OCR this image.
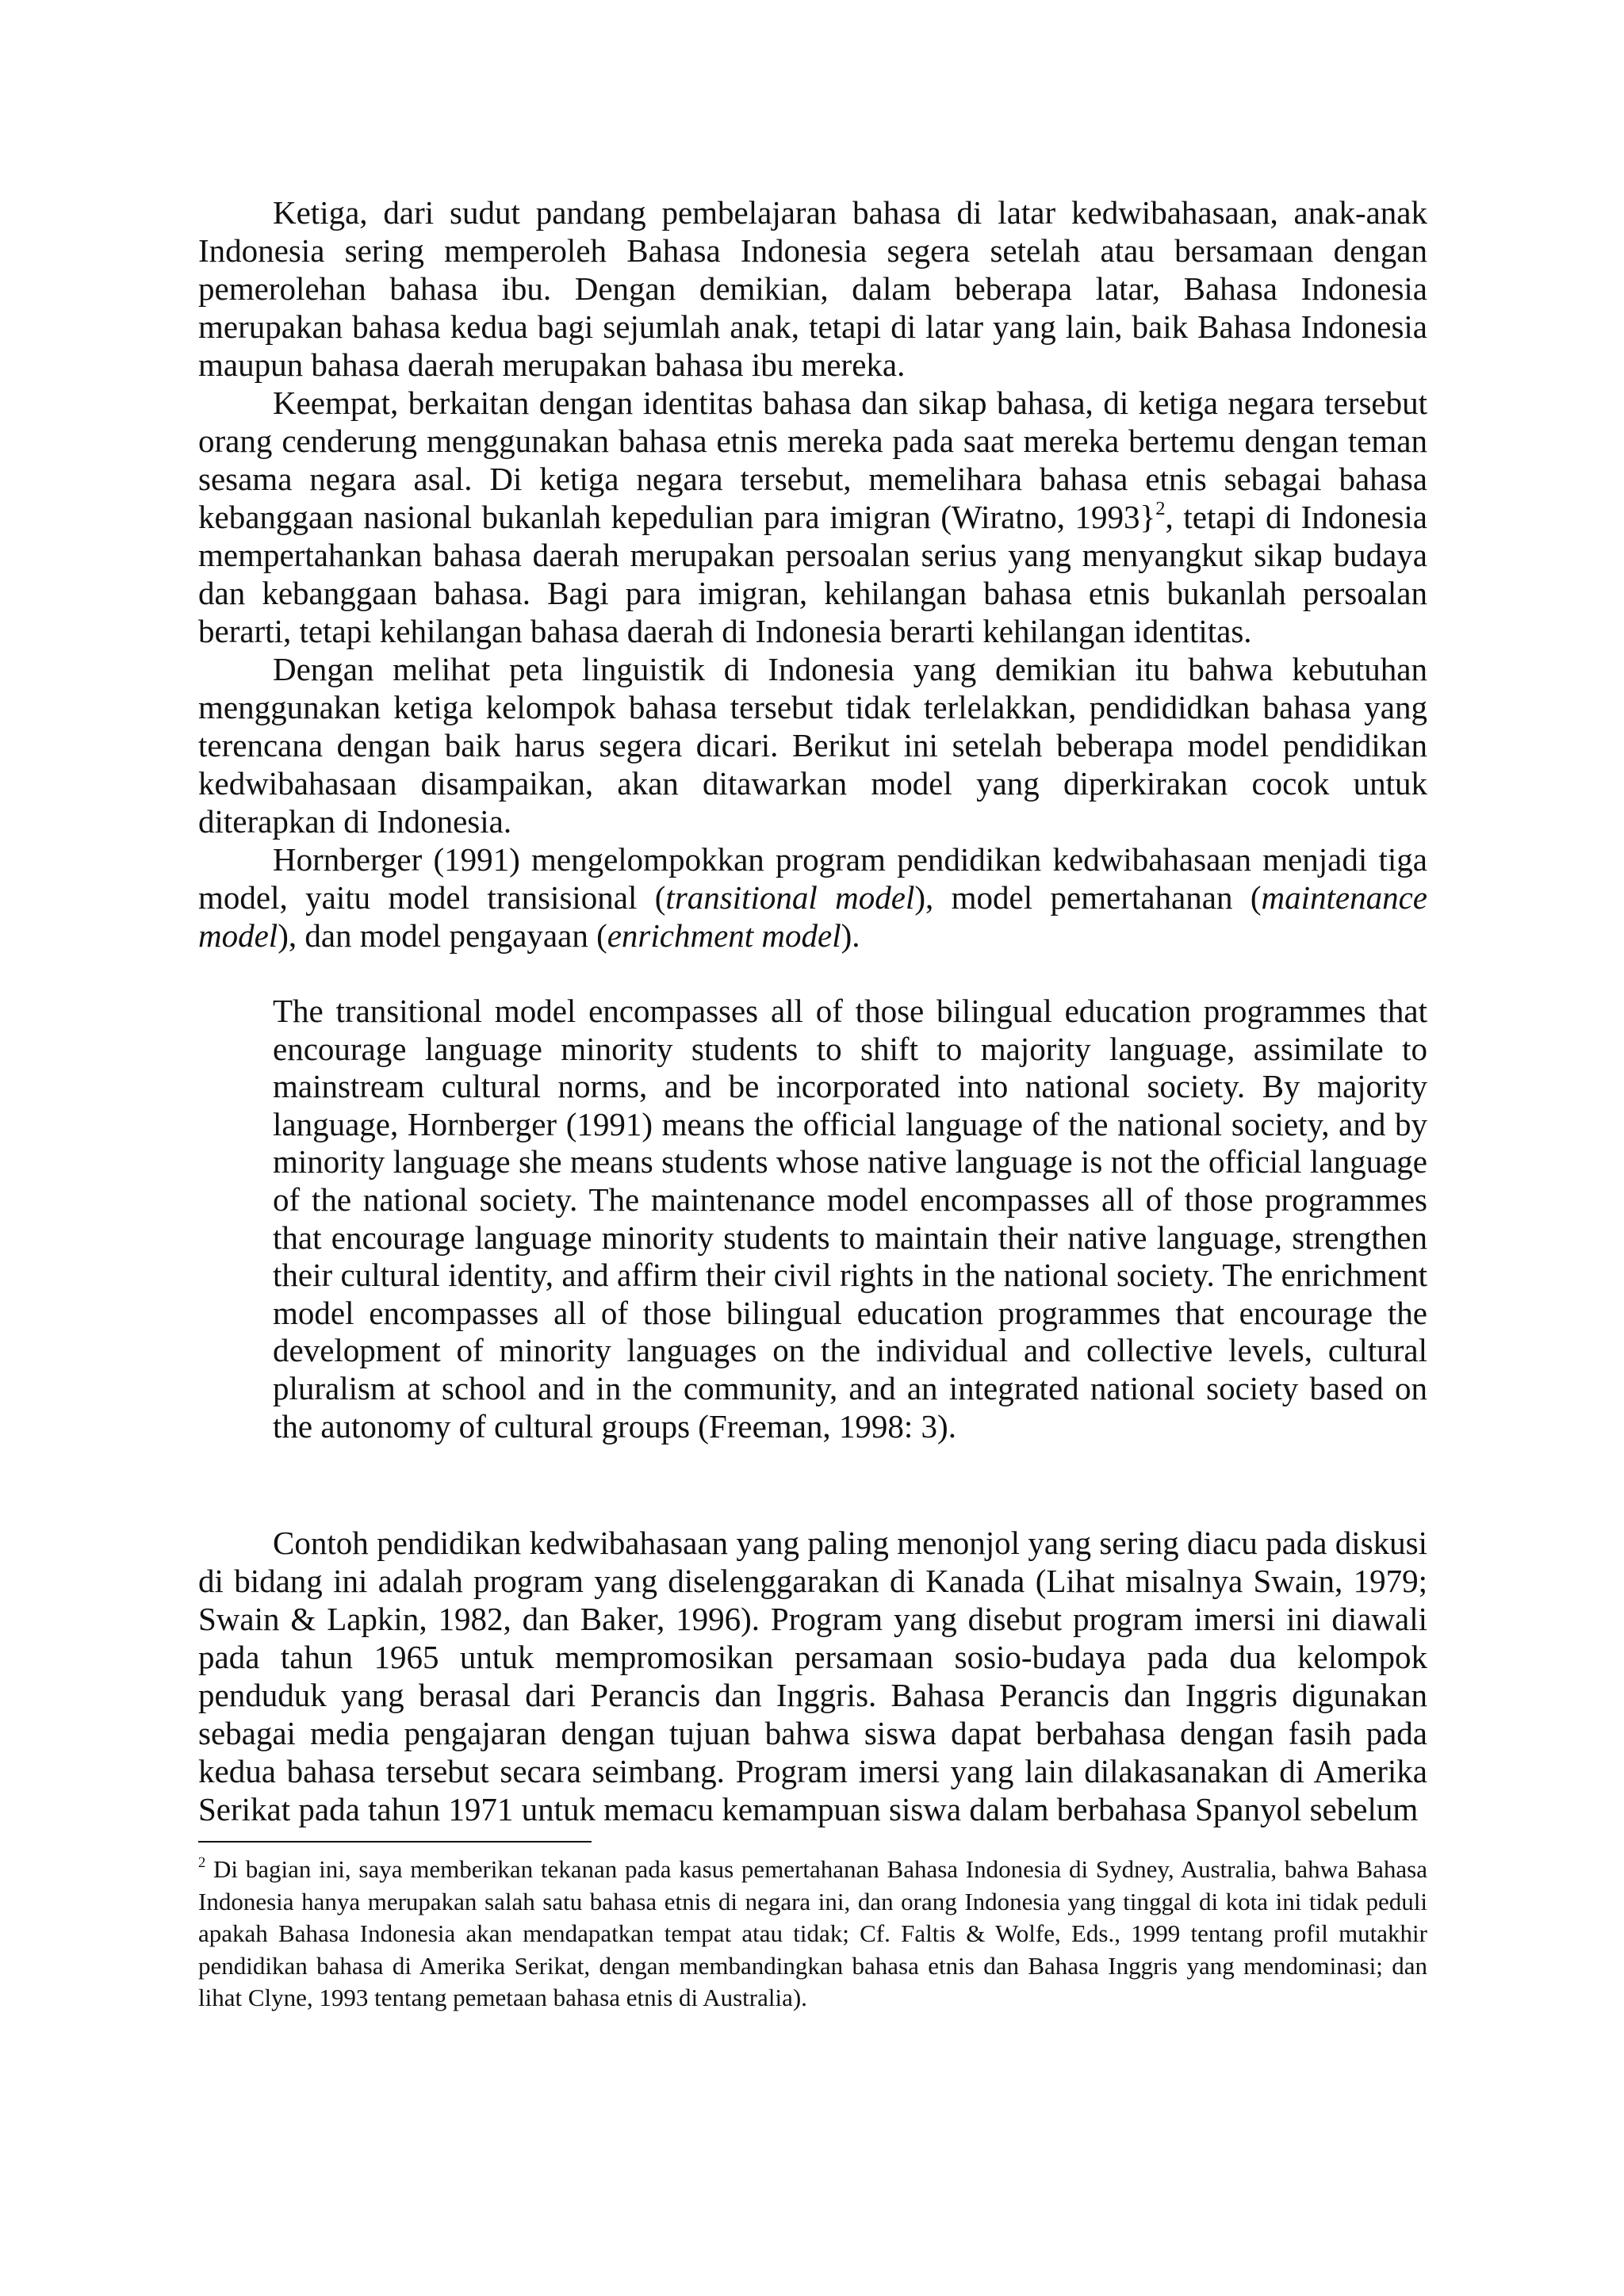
Ketiga, dari sudut pandang pembelajaran bahasa di latar kedwibahasaan, anak-anak Indonesia sering memperoleh Bahasa Indonesia segera setelah atau bersamaan dengan pemerolehan bahasa ibu. Dengan demikian, dalam beberapa latar, Bahasa Indonesia merupakan bahasa kedua bagi sejumlah anak, tetapi di latar yang lain, baik Bahasa Indonesia maupun bahasa daerah merupakan bahasa ibu mereka.

Keempat, berkaitan dengan identitas bahasa dan sikap bahasa, di ketiga negara tersebut orang cenderung menggunakan bahasa etnis mereka pada saat mereka bertemu dengan teman sesama negara asal. Di ketiga negara tersebut, memelihara bahasa etnis sebagai bahasa kebanggaan nasional bukanlah kepedulian para imigran (Wiratno, 1993}$^2$, tetapi di Indonesia mempertahankan bahasa daerah merupakan persoalan serius yang menyangkut sikap budaya dan kebanggaan bahasa. Bagi para imigran, kehilangan bahasa etnis bukanlah persoalan berarti, tetapi kehilangan bahasa daerah di Indonesia berarti kehilangan identitas.

Dengan melihat peta linguistik di Indonesia yang demikian itu bahwa kebutuhan menggunakan ketiga kelompok bahasa tersebut tidak terlelakkan, pendididkan bahasa yang terencana dengan baik harus segera dicari. Berikut ini setelah beberapa model pendidikan kedwibahasaan disampaikan, akan ditawarkan model yang diperkirakan cocok untuk diterapkan di Indonesia.

Hornberger (1991) mengelompokkan program pendidikan kedwibahasaan menjadi tiga model, yaitu model transisional (transitional model), model pemertahanan (maintenance model), dan model pengayaan (enrichment model).

The transitional model encompasses all of those bilingual education programmes that encourage language minority students to shift to majority language, assimilate to mainstream cultural norms, and be incorporated into national society. By majority language, Hornberger (1991) means the official language of the national society, and by minority language she means students whose native language is not the official language of the national society. The maintenance model encompasses all of those programmes that encourage language minority students to maintain their native language, strengthen their cultural identity, and affirm their civil rights in the national society. The enrichment model encompasses all of those bilingual education programmes that encourage the development of minority languages on the individual and collective levels, cultural pluralism at school and in the community, and an integrated national society based on the autonomy of cultural groups (Freeman, 1998: 3).

Contoh pendidikan kedwibahasaan yang paling menonjol yang sering diacu pada diskusi di bidang ini adalah program yang diselenggarakan di Kanada (Lihat misalnya Swain, 1979; Swain & Lapkin, 1982, dan Baker, 1996). Program yang disebut program imersi ini diawali pada tahun 1965 untuk mempromosikan persamaan sosio-budaya pada dua kelompok penduduk yang berasal dari Perancis dan Inggris. Bahasa Perancis dan Inggris digunakan sebagai media pengajaran dengan tujuan bahwa siswa dapat berbahasa dengan fasih pada kedua bahasa tersebut secara seimbang. Program imersi yang lain dilakasanakan di Amerika Serikat pada tahun 1971 untuk memacu kemampuan siswa dalam berbahasa Spanyol sebelum

$^2$ Di bagian ini, saya memberikan tekanan pada kasus pemertahanan Bahasa Indonesia di Sydney, Australia, bahwa Bahasa Indonesia hanya merupakan salah satu bahasa etnis di negara ini, dan orang Indonesia yang tinggal di kota ini tidak peduli apakah Bahasa Indonesia akan mendapatkan tempat atau tidak; Cf. Faltis & Wolfe, Eds., 1999 tentang profil mutakhir pendidikan bahasa di Amerika Serikat, dengan membandingkan bahasa etnis dan Bahasa Inggris yang mendominasi; dan lihat Clyne, 1993 tentang pemetaan bahasa etnis di Australia).
